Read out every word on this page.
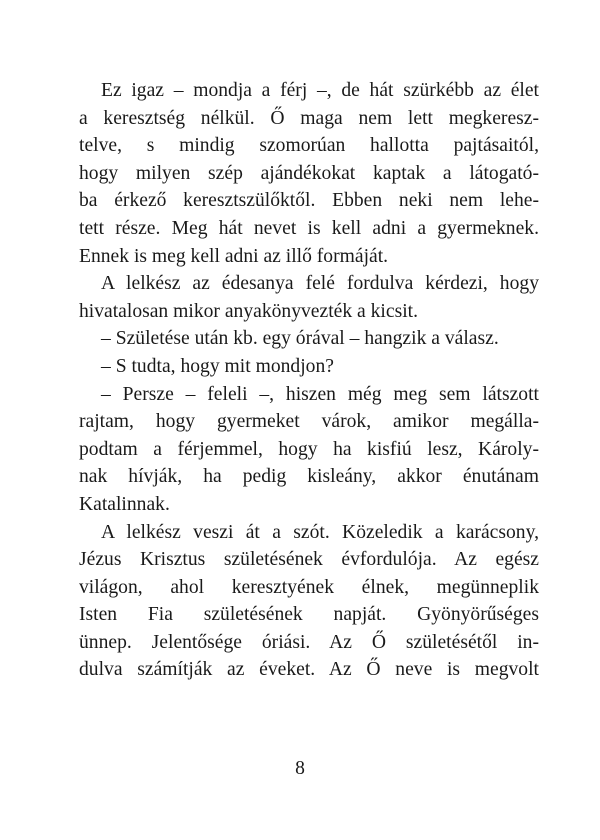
Ez igaz – mondja a férj –, de hát szürkébb az élet
a keresztség nélkül. Ő maga nem lett megkeresz-
telve, s mindig szomorúan hallotta pajtásaitól,
hogy milyen szép ajándékokat kaptak a látogató-
ba érkező keresztszülőktől. Ebben neki nem lehe-
tett része. Meg hát nevet is kell adni a gyermeknek.
Ennek is meg kell adni az illő formáját.
A lelkész az édesanya felé fordulva kérdezi, hogy
hivatalosan mikor anyakönyvezték a kicsit.
– Születése után kb. egy órával – hangzik a válasz.
– S tudta, hogy mit mondjon?
– Persze – feleli –, hiszen még meg sem látszott
rajtam, hogy gyermeket várok, amikor megálla-
podtam a férjemmel, hogy ha kisfiú lesz, Károly-
nak hívják, ha pedig kisleány, akkor énutánam
Katalinnak.
A lelkész veszi át a szót. Közeledik a karácsony,
Jézus Krisztus születésének évfordulója. Az egész
világon, ahol keresztyének élnek, megünneplik
Isten Fia születésének napját. Gyönyörűséges
ünnep. Jelentősége óriási. Az Ő születésétől in-
dulva számítják az éveket. Az Ő neve is megvolt
8
